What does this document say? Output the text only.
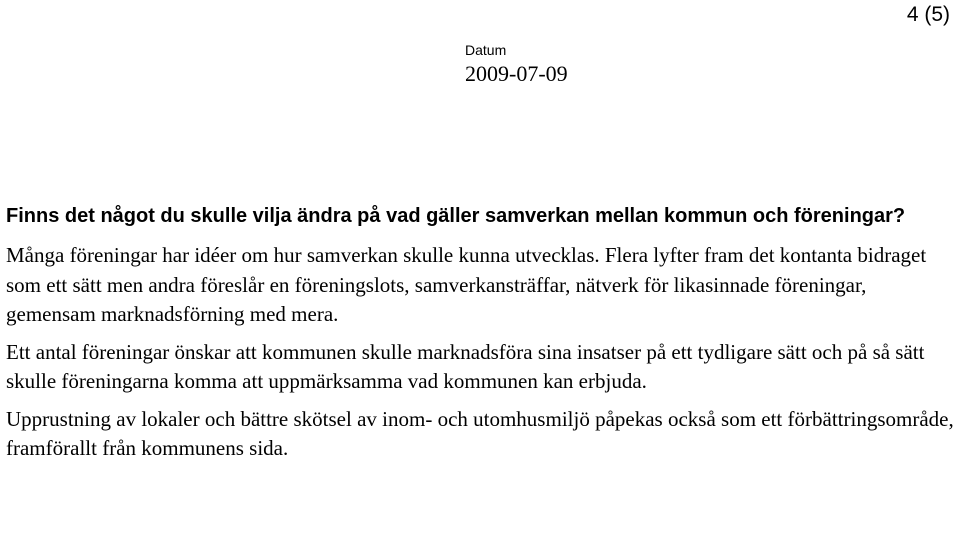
4 (5)
Datum
2009-07-09
Finns det något du skulle vilja ändra på vad gäller samverkan mellan kommun och föreningar?

Många föreningar har idéer om hur samverkan skulle kunna utvecklas. Flera lyfter fram det kontanta bidraget som ett sätt men andra föreslår en föreningslots, samverkansträffar, nätverk för likasinnade föreningar, gemensam marknadsförning med mera.

Ett antal föreningar önskar att kommunen skulle marknadsföra sina insatser på ett tydligare sätt och på så sätt skulle föreningarna komma att uppmärksamma vad kommunen kan erbjuda.

Upprustning av lokaler och bättre skötsel av inom- och utomhusmiljö påpekas också som ett förbättringsområde, framförallt från kommunens sida.
